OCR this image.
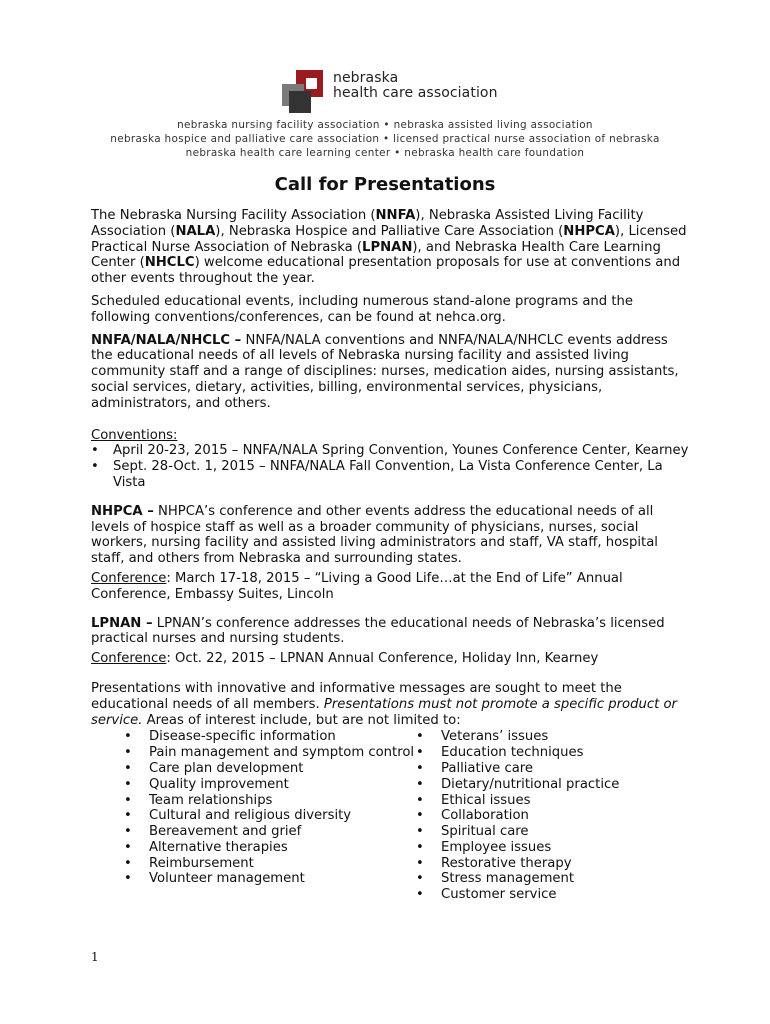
nebraska
health care association
nebraska nursing facility association • nebraska assisted living association
nebraska hospice and palliative care association • licensed practical nurse association of nebraska
nebraska health care learning center • nebraska health care foundation
Call for Presentations

The Nebraska Nursing Facility Association (NNFA), Nebraska Assisted Living Facility Association (NALA), Nebraska Hospice and Palliative Care Association (NHPCA), Licensed Practical Nurse Association of Nebraska (LPNAN), and Nebraska Health Care Learning Center (NHCLC) welcome educational presentation proposals for use at conventions and other events throughout the year.

Scheduled educational events, including numerous stand-alone programs and the following conventions/conferences, can be found at nehca.org.

NNFA/NALA/NHCLC – NNFA/NALA conventions and NNFA/NALA/NHCLC events address the educational needs of all levels of Nebraska nursing facility and assisted living community staff and a range of disciplines: nurses, medication aides, nursing assistants, social services, dietary, activities, billing, environmental services, physicians, administrators, and others.

Conventions:
• April 20-23, 2015 – NNFA/NALA Spring Convention, Younes Conference Center, Kearney
• Sept. 28-Oct. 1, 2015 – NNFA/NALA Fall Convention, La Vista Conference Center, La Vista

NHPCA – NHPCA’s conference and other events address the educational needs of all levels of hospice staff as well as a broader community of physicians, nurses, social workers, nursing facility and assisted living administrators and staff, VA staff, hospital staff, and others from Nebraska and surrounding states.

Conference: March 17-18, 2015 – “Living a Good Life…at the End of Life” Annual Conference, Embassy Suites, Lincoln

LPNAN – LPNAN’s conference addresses the educational needs of Nebraska’s licensed practical nurses and nursing students.

Conference: Oct. 22, 2015 – LPNAN Annual Conference, Holiday Inn, Kearney

Presentations with innovative and informative messages are sought to meet the educational needs of all members. Presentations must not promote a specific product or service. Areas of interest include, but are not limited to:

• Disease-specific information
• Pain management and symptom control
• Care plan development
• Quality improvement
• Team relationships
• Cultural and religious diversity
• Bereavement and grief
• Alternative therapies
• Reimbursement
• Volunteer management
• Veterans’ issues
• Education techniques
• Palliative care
• Dietary/nutritional practice
• Ethical issues
• Collaboration
• Spiritual care
• Employee issues
• Restorative therapy
• Stress management
• Customer service
1
